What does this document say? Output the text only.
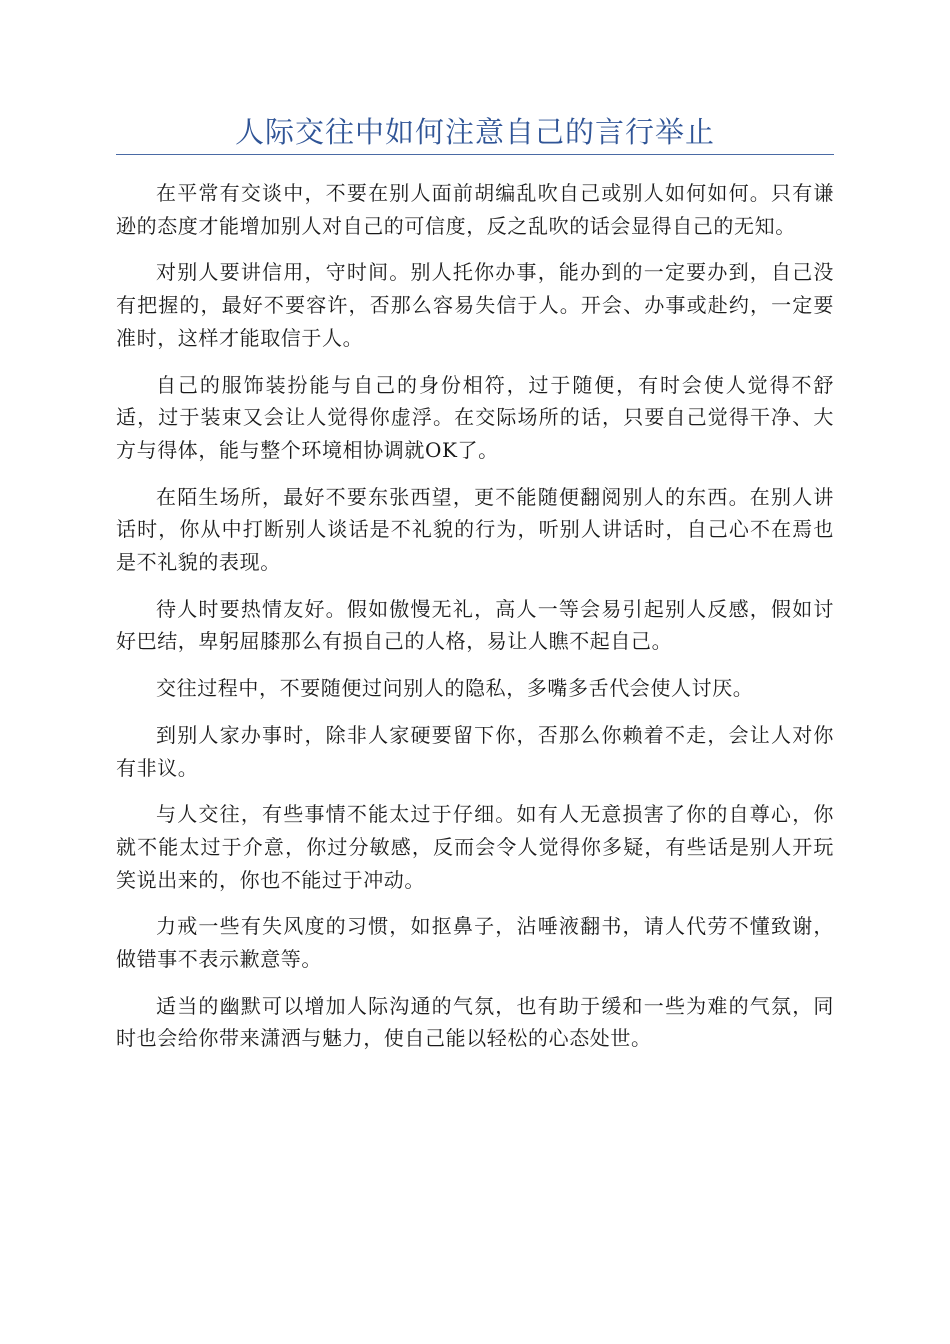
人际交往中如何注意自己的言行举止

在平常有交谈中，不要在别人面前胡编乱吹自己或别人如何如何。只有谦逊的态度才能增加别人对自己的可信度，反之乱吹的话会显得自己的无知。

对别人要讲信用，守时间。别人托你办事，能办到的一定要办到，自己没有把握的，最好不要容许，否那么容易失信于人。开会、办事或赴约，一定要准时，这样才能取信于人。

自己的服饰装扮能与自己的身份相符，过于随便，有时会使人觉得不舒适，过于装束又会让人觉得你虚浮。在交际场所的话，只要自己觉得干净、大方与得体，能与整个环境相协调就OK了。

在陌生场所，最好不要东张西望，更不能随便翻阅别人的东西。在别人讲话时，你从中打断别人谈话是不礼貌的行为，听别人讲话时，自己心不在焉也是不礼貌的表现。

待人时要热情友好。假如傲慢无礼，高人一等会易引起别人反感，假如讨好巴结，卑躬屈膝那么有损自己的人格，易让人瞧不起自己。

交往过程中，不要随便过问别人的隐私，多嘴多舌代会使人讨厌。

到别人家办事时，除非人家硬要留下你，否那么你赖着不走，会让人对你有非议。

与人交往，有些事情不能太过于仔细。如有人无意损害了你的自尊心，你就不能太过于介意，你过分敏感，反而会令人觉得你多疑，有些话是别人开玩笑说出来的，你也不能过于冲动。

力戒一些有失风度的习惯，如抠鼻子，沾唾液翻书，请人代劳不懂致谢，做错事不表示歉意等。

适当的幽默可以增加人际沟通的气氛，也有助于缓和一些为难的气氛，同时也会给你带来潇洒与魅力，使自己能以轻松的心态处世。
